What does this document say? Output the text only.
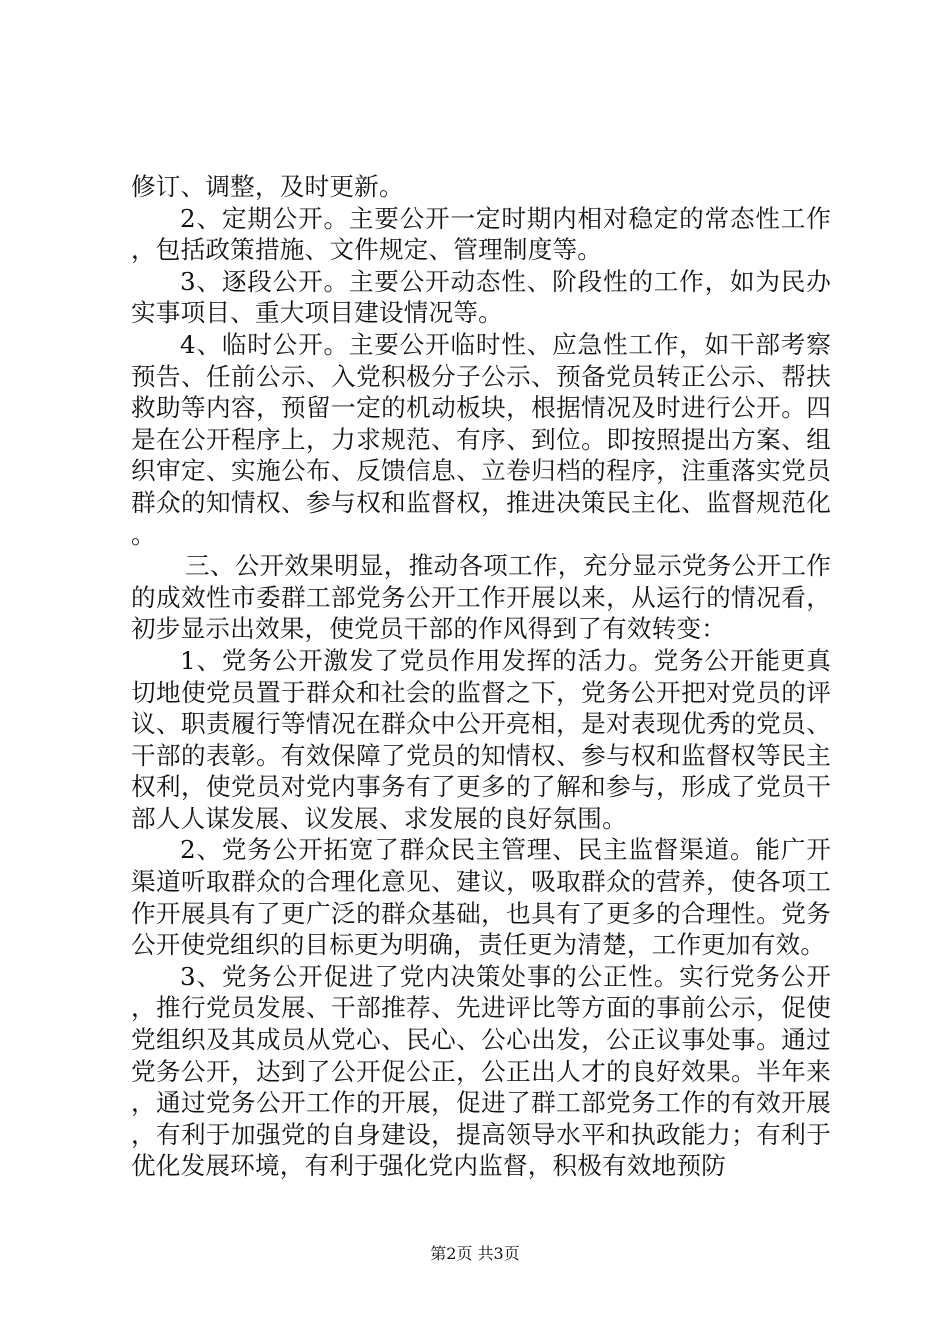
修订、调整，及时更新。

2、定期公开。主要公开一定时期内相对稳定的常态性工作，包括政策措施、文件规定、管理制度等。

3、逐段公开。主要公开动态性、阶段性的工作，如为民办实事项目、重大项目建设情况等。

4、临时公开。主要公开临时性、应急性工作，如干部考察预告、任前公示、入党积极分子公示、预备党员转正公示、帮扶救助等内容，预留一定的机动板块，根据情况及时进行公开。四是在公开程序上，力求规范、有序、到位。即按照提出方案、组织审定、实施公布、反馈信息、立卷归档的程序，注重落实党员群众的知情权、参与权和监督权，推进决策民主化、监督规范化。

三、公开效果明显，推动各项工作，充分显示党务公开工作的成效性市委群工部党务公开工作开展以来，从运行的情况看，初步显示出效果，使党员干部的作风得到了有效转变：

1、党务公开激发了党员作用发挥的活力。党务公开能更真切地使党员置于群众和社会的监督之下，党务公开把对党员的评议、职责履行等情况在群众中公开亮相，是对表现优秀的党员、干部的表彰。有效保障了党员的知情权、参与权和监督权等民主权利，使党员对党内事务有了更多的了解和参与，形成了党员干部人人谋发展、议发展、求发展的良好氛围。

2、党务公开拓宽了群众民主管理、民主监督渠道。能广开渠道听取群众的合理化意见、建议，吸取群众的营养，使各项工作开展具有了更广泛的群众基础，也具有了更多的合理性。党务公开使党组织的目标更为明确，责任更为清楚，工作更加有效。

3、党务公开促进了党内决策处事的公正性。实行党务公开，推行党员发展、干部推荐、先进评比等方面的事前公示，促使党组织及其成员从党心、民心、公心出发，公正议事处事。通过党务公开，达到了公开促公正，公正出人才的良好效果。半年来，通过党务公开工作的开展，促进了群工部党务工作的有效开展，有利于加强党的自身建设，提高领导水平和执政能力；有利于优化发展环境，有利于强化党内监督，积极有效地预防

第2页 共3页
